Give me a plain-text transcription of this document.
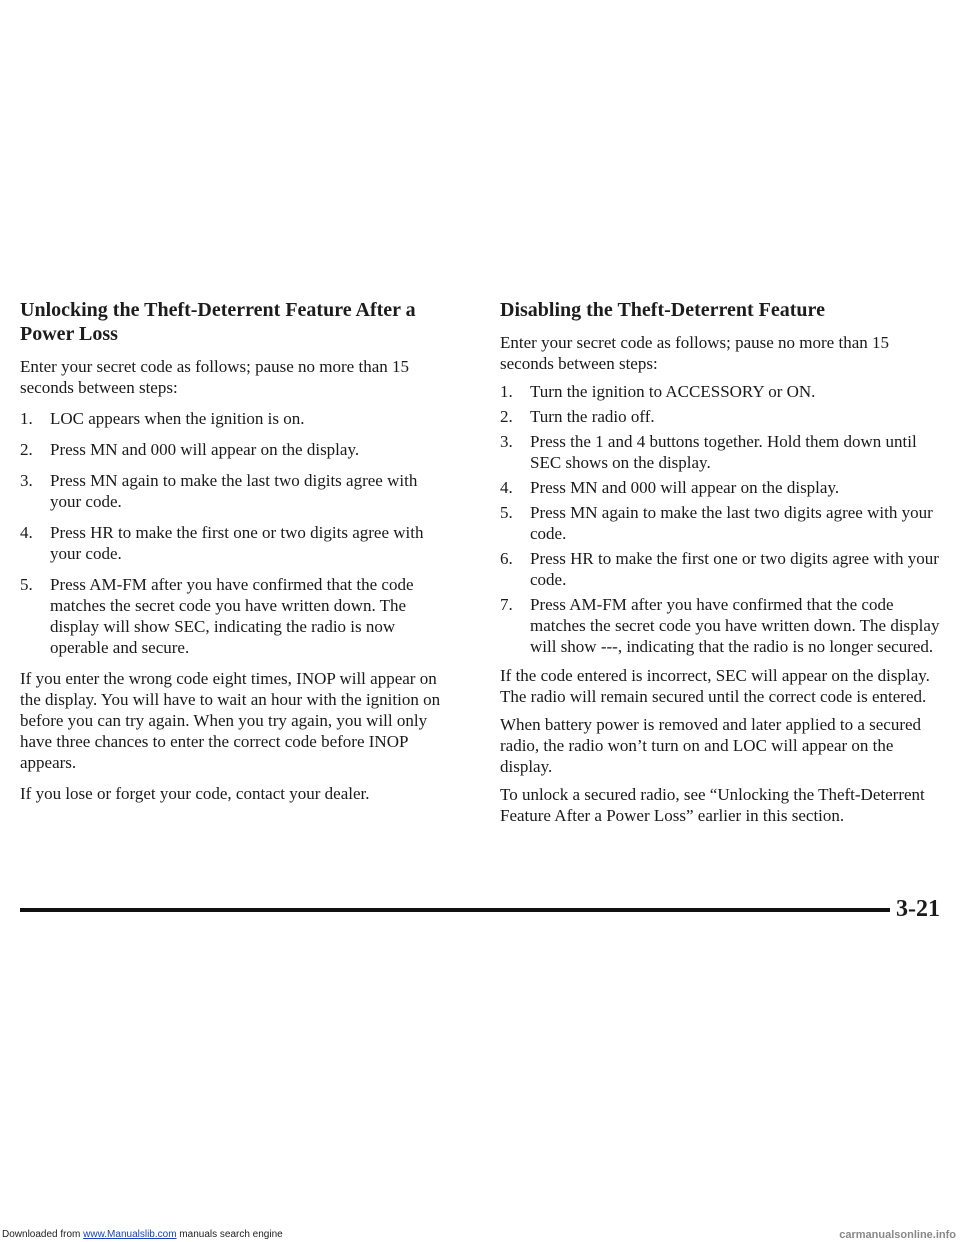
Unlocking the Theft-Deterrent Feature After a Power Loss

Enter your secret code as follows; pause no more than 15 seconds between steps:

1. LOC appears when the ignition is on.
2. Press MN and 000 will appear on the display.
3. Press MN again to make the last two digits agree with your code.
4. Press HR to make the first one or two digits agree with your code.
5. Press AM-FM after you have confirmed that the code matches the secret code you have written down. The display will show SEC, indicating the radio is now operable and secure.

If you enter the wrong code eight times, INOP will appear on the display. You will have to wait an hour with the ignition on before you can try again. When you try again, you will only have three chances to enter the correct code before INOP appears.

If you lose or forget your code, contact your dealer.

Disabling the Theft-Deterrent Feature

Enter your secret code as follows; pause no more than 15 seconds between steps:

1. Turn the ignition to ACCESSORY or ON.
2. Turn the radio off.
3. Press the 1 and 4 buttons together. Hold them down until SEC shows on the display.
4. Press MN and 000 will appear on the display.
5. Press MN again to make the last two digits agree with your code.
6. Press HR to make the first one or two digits agree with your code.
7. Press AM-FM after you have confirmed that the code matches the secret code you have written down. The display will show ---, indicating that the radio is no longer secured.

If the code entered is incorrect, SEC will appear on the display. The radio will remain secured until the correct code is entered.

When battery power is removed and later applied to a secured radio, the radio won’t turn on and LOC will appear on the display.

To unlock a secured radio, see “Unlocking the Theft-Deterrent Feature After a Power Loss” earlier in this section.

3-21
Downloaded from www.Manualslib.com manuals search engine	carmanualsonline.info
